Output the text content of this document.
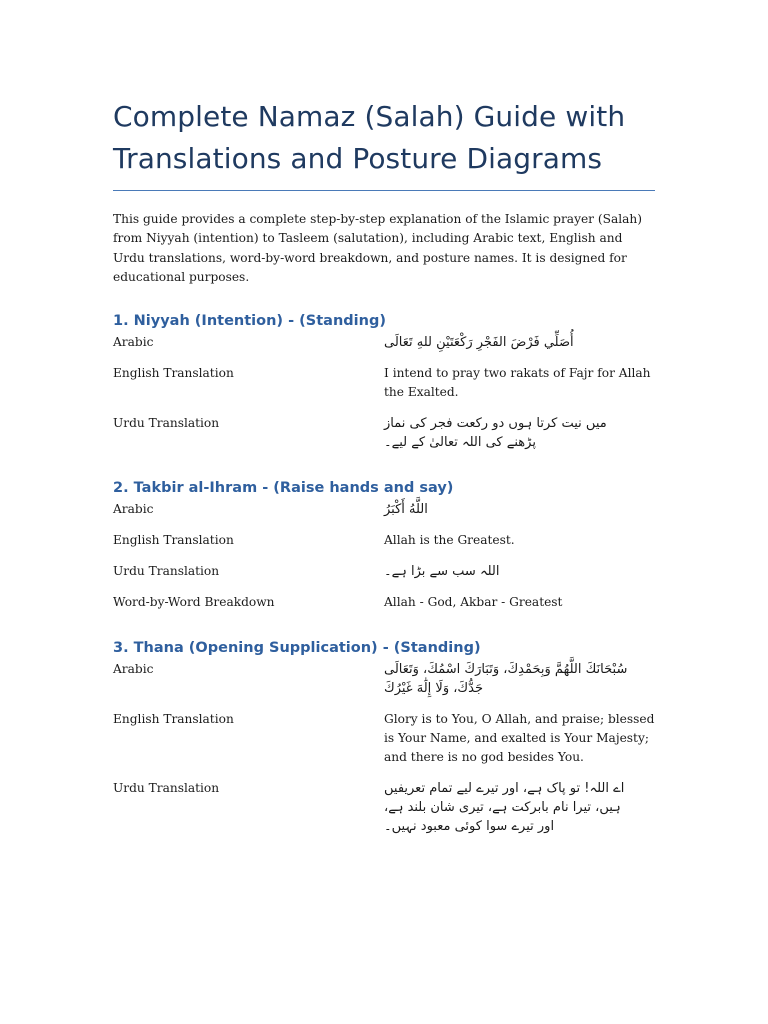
Complete Namaz (Salah) Guide with Translations and Posture Diagrams

This guide provides a complete step-by-step explanation of the Islamic prayer (Salah) from Niyyah (intention) to Tasleem (salutation), including Arabic text, English and Urdu translations, word-by-word breakdown, and posture names. It is designed for educational purposes.

1. Niyyah (Intention) - (Standing)
Arabic	أُصَلِّي فَرْضَ الفَجْرِ رَكْعَتَيْنِ للهِ تَعَالَى
English Translation	I intend to pray two rakats of Fajr for Allah the Exalted.
Urdu Translation	میں نیت کرتا ہوں دو رکعت فجر کی نماز پڑھنے کی اللہ تعالیٰ کے لیے۔
2. Takbir al-Ihram - (Raise hands and say)
Arabic	اللَّهُ أَكْبَرُ
English Translation	Allah is the Greatest.
Urdu Translation	اللہ سب سے بڑا ہے۔
Word-by-Word Breakdown	Allah - God, Akbar - Greatest
3. Thana (Opening Supplication) - (Standing)
Arabic	سُبْحَانَكَ اللَّهُمَّ وَبِحَمْدِكَ، وَتَبَارَكَ اسْمُكَ، وَتَعَالَى جَدُّكَ، وَلَا إِلَٰهَ غَيْرُكَ
English Translation	Glory is to You, O Allah, and praise; blessed is Your Name, and exalted is Your Majesty; and there is no god besides You.
Urdu Translation	اے اللہ! تو پاک ہے، اور تیرے لیے تمام تعریفیں ہیں، تیرا نام بابرکت ہے، تیری شان بلند ہے، اور تیرے سوا کوئی معبود نہیں۔
